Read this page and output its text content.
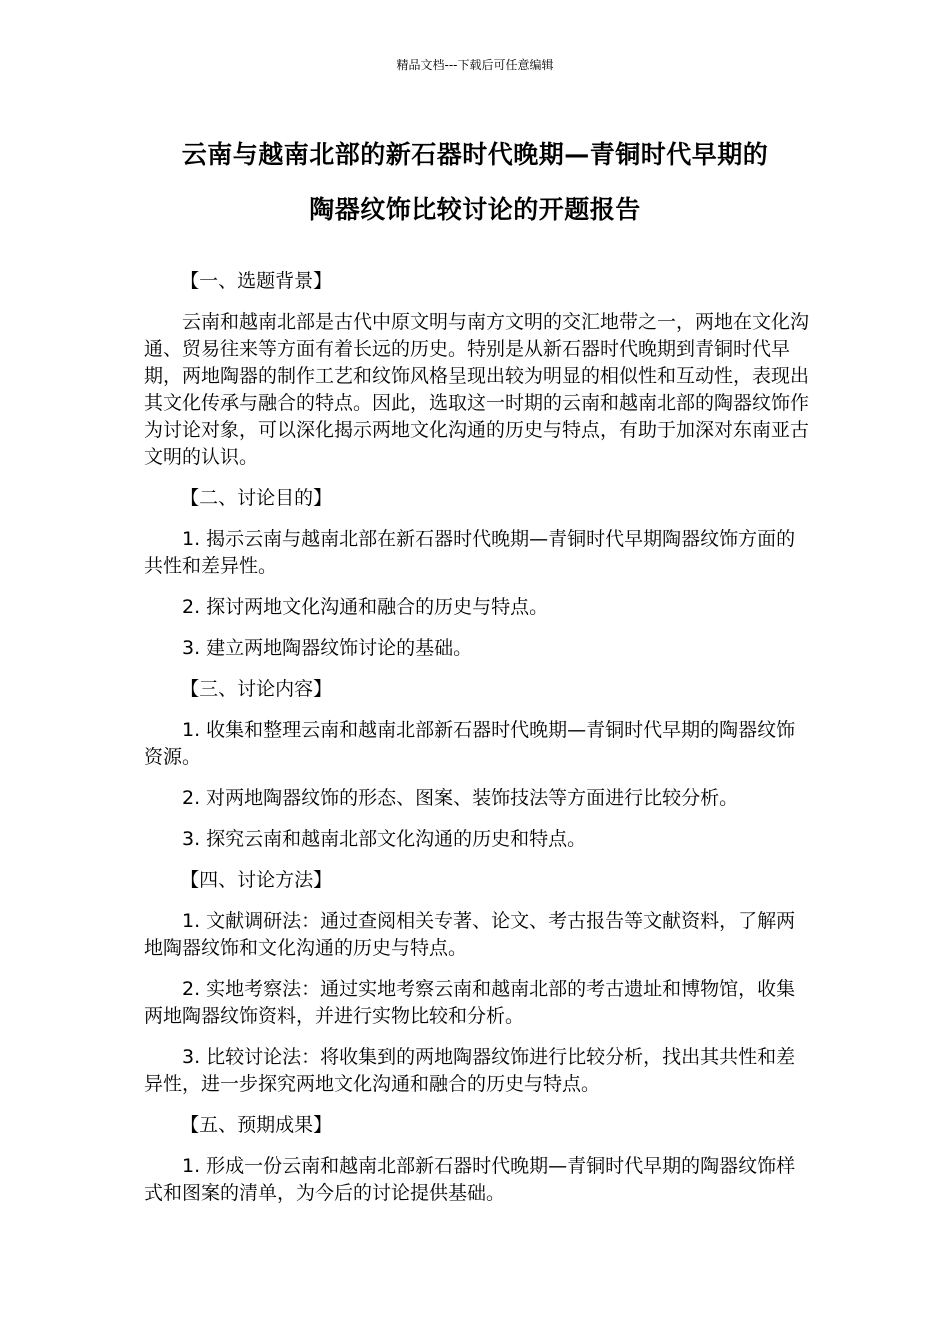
精品文档---下载后可任意编辑
云南与越南北部的新石器时代晚期—青铜时代早期的
陶器纹饰比较讨论的开题报告

【一、选题背景】

云南和越南北部是古代中原文明与南方文明的交汇地带之一，两地在文化沟通、贸易往来等方面有着长远的历史。特别是从新石器时代晚期到青铜时代早期，两地陶器的制作工艺和纹饰风格呈现出较为明显的相似性和互动性，表现出其文化传承与融合的特点。因此，选取这一时期的云南和越南北部的陶器纹饰作为讨论对象，可以深化揭示两地文化沟通的历史与特点，有助于加深对东南亚古文明的认识。

【二、讨论目的】

1. 揭示云南与越南北部在新石器时代晚期—青铜时代早期陶器纹饰方面的共性和差异性。

2. 探讨两地文化沟通和融合的历史与特点。

3. 建立两地陶器纹饰讨论的基础。

【三、讨论内容】

1. 收集和整理云南和越南北部新石器时代晚期—青铜时代早期的陶器纹饰资源。

2. 对两地陶器纹饰的形态、图案、装饰技法等方面进行比较分析。

3. 探究云南和越南北部文化沟通的历史和特点。

【四、讨论方法】

1. 文献调研法：通过查阅相关专著、论文、考古报告等文献资料，了解两地陶器纹饰和文化沟通的历史与特点。

2. 实地考察法：通过实地考察云南和越南北部的考古遗址和博物馆，收集两地陶器纹饰资料，并进行实物比较和分析。

3. 比较讨论法：将收集到的两地陶器纹饰进行比较分析，找出其共性和差异性，进一步探究两地文化沟通和融合的历史与特点。

【五、预期成果】

1. 形成一份云南和越南北部新石器时代晚期—青铜时代早期的陶器纹饰样式和图案的清单，为今后的讨论提供基础。
